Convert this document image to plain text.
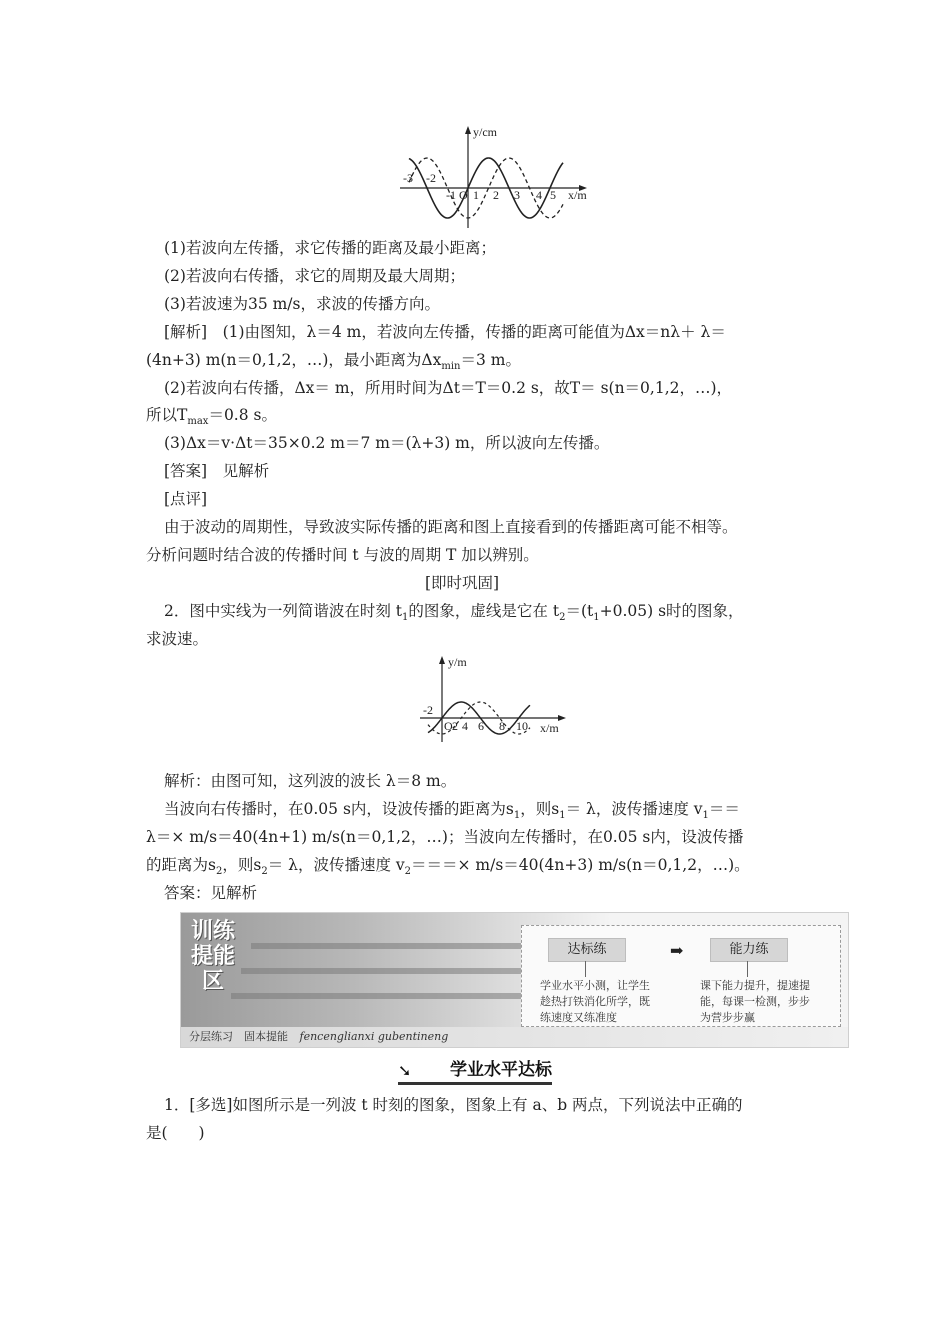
y/cm
x/m
-3 -2
-1 O 1 2 3 4 5
(1)若波向左传播，求它传播的距离及最小距离；
(2)若波向右传播，求它的周期及最大周期；
(3)若波速为35 m/s，求波的传播方向。
[解析]　(1)由图知，λ＝4 m，若波向左传播，传播的距离可能值为Δx＝nλ＋ λ＝
(4n+3) m(n＝0,1,2，…)，最小距离为$\Delta x_{min}=3$ m。
(2)若波向右传播，Δx＝ m，所用时间为Δt＝T＝0.2 s，故T＝ s(n＝0,1,2，…)，
所以$T_{max}=0.8$ s。
(3)Δx＝v·Δt＝35×0.2 m＝7 m＝(λ+3) m，所以波向左传播。
[答案]　见解析
[点评]
由于波动的周期性，导致波实际传播的距离和图上直接看到的传播距离可能不相等。
分析问题时结合波的传播时间 t 与波的周期 T 加以辨别。
[即时巩固]
2．图中实线为一列简谐波在时刻 $t_1$的图象，虚线是它在 $t_2=(t_1+0.05)$ s时的图象，
求波速。
y/m
x/m
-2
O 2 4 6 8 10
解析：由图可知，这列波的波长 λ＝8 m。
当波向右传播时，在0.05 s内，设波传播的距离为$s_1$，则$s_1= \lambda$，波传播速度 $v_1==$
λ＝× m/s＝40(4n+1) m/s(n＝0,1,2，…)；当波向左传播时，在0.05 s内，设波传播
的距离为$s_2$，则$s_2= \lambda$，波传播速度 $v_2===\times m/s=40(4n+3)$ m/s(n＝0,1,2，…)。
答案：见解析
训练提能区
达标练	➡	能力练
学业水平小测，让学生趁热打铁消化所学，既练速度又练准度
课下能力提升，提速提能，每课一检测，步步为营步步赢
分层练习　固本提能 fencenglianxi gubentineng
➘ 学业水平达标
1．[多选]如图所示是一列波 t 时刻的图象，图象上有 a、b 两点，下列说法中正确的
是(　　)
